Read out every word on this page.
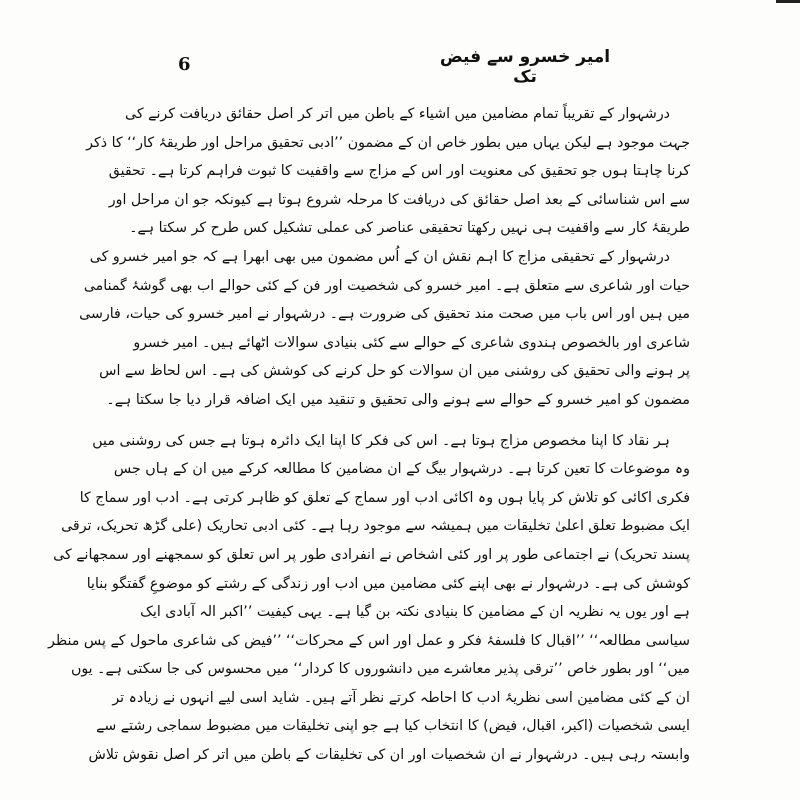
6	امیر خسرو سے فیض تک
درشہوار کے تقریباً تمام مضامین میں اشیاء کے باطن میں اتر کر اصل حقائق دریافت کرنے کی
جہت موجود ہے لیکن یہاں میں بطور خاص ان کے مضمون ’’ادبی تحقیق مراحل اور طریقۂ کار‘‘ کا ذکر
کرنا چاہتا ہوں جو تحقیق کی معنویت اور اس کے مزاج سے واقفیت کا ثبوت فراہم کرتا ہے۔ تحقیق
سے اس شناسائی کے بعد اصل حقائق کی دریافت کا مرحلہ شروع ہوتا ہے کیونکہ جو ان مراحل اور
طریقۂ کار سے واقفیت ہی نہیں رکھتا تحقیقی عناصر کی عملی تشکیل کس طرح کر سکتا ہے۔
درشہوار کے تحقیقی مزاج کا اہم نقش ان کے اُس مضمون میں بھی ابھرا ہے کہ جو امیر خسرو کی
حیات اور شاعری سے متعلق ہے۔ امیر خسرو کی شخصیت اور فن کے کئی حوالے اب بھی گوشۂ گمنامی
میں ہیں اور اس باب میں صحت مند تحقیق کی ضرورت ہے۔ درشہوار نے امیر خسرو کی حیات، فارسی
شاعری اور بالخصوص ہندوی شاعری کے حوالے سے کئی بنیادی سوالات اٹھائے ہیں۔ امیر خسرو
پر ہونے والی تحقیق کی روشنی میں ان سوالات کو حل کرنے کی کوشش کی ہے۔ اس لحاظ سے اس
مضمون کو امیر خسرو کے حوالے سے ہونے والی تحقیق و تنقید میں ایک اضافہ قرار دیا جا سکتا ہے۔
ہر نقاد کا اپنا مخصوص مزاج ہوتا ہے۔ اس کی فکر کا اپنا ایک دائرہ ہوتا ہے جس کی روشنی میں
وہ موضوعات کا تعین کرتا ہے۔ درشہوار بیگ کے ان مضامین کا مطالعہ کرکے میں ان کے ہاں جس
فکری اکائی کو تلاش کر پایا ہوں وہ اکائی ادب اور سماج کے تعلق کو ظاہر کرتی ہے۔ ادب اور سماج کا
ایک مضبوط تعلق اعلیٰ تخلیقات میں ہمیشہ سے موجود رہا ہے۔ کئی ادبی تحاریک (علی گڑھ تحریک، ترقی
پسند تحریک) نے اجتماعی طور پر اور کئی اشخاص نے انفرادی طور پر اس تعلق کو سمجھنے اور سمجھانے کی
کوشش کی ہے۔ درشہوار نے بھی اپنے کئی مضامین میں ادب اور زندگی کے رشتے کو موضوعِ گفتگو بنایا
ہے اور یوں یہ نظریہ ان کے مضامین کا بنیادی نکتہ بن گیا ہے۔ یہی کیفیت ’’اکبر الہ آبادی ایک
سیاسی مطالعہ‘‘ ’’اقبال کا فلسفۂ فکر و عمل اور اس کے محرکات‘‘ ’’فیض کی شاعری ماحول کے پس منظر
میں‘‘ اور بطور خاص ’’ترقی پذیر معاشرے میں دانشوروں کا کردار‘‘ میں محسوس کی جا سکتی ہے۔ یوں
ان کے کئی مضامین اسی نظریۂ ادب کا احاطہ کرتے نظر آتے ہیں۔ شاید اسی لیے انہوں نے زیادہ تر
ایسی شخصیات (اکبر، اقبال، فیض) کا انتخاب کیا ہے جو اپنی تخلیقات میں مضبوط سماجی رشتے سے
وابستہ رہی ہیں۔ درشہوار نے ان شخصیات اور ان کی تخلیقات کے باطن میں اتر کر اصل نقوش تلاش
